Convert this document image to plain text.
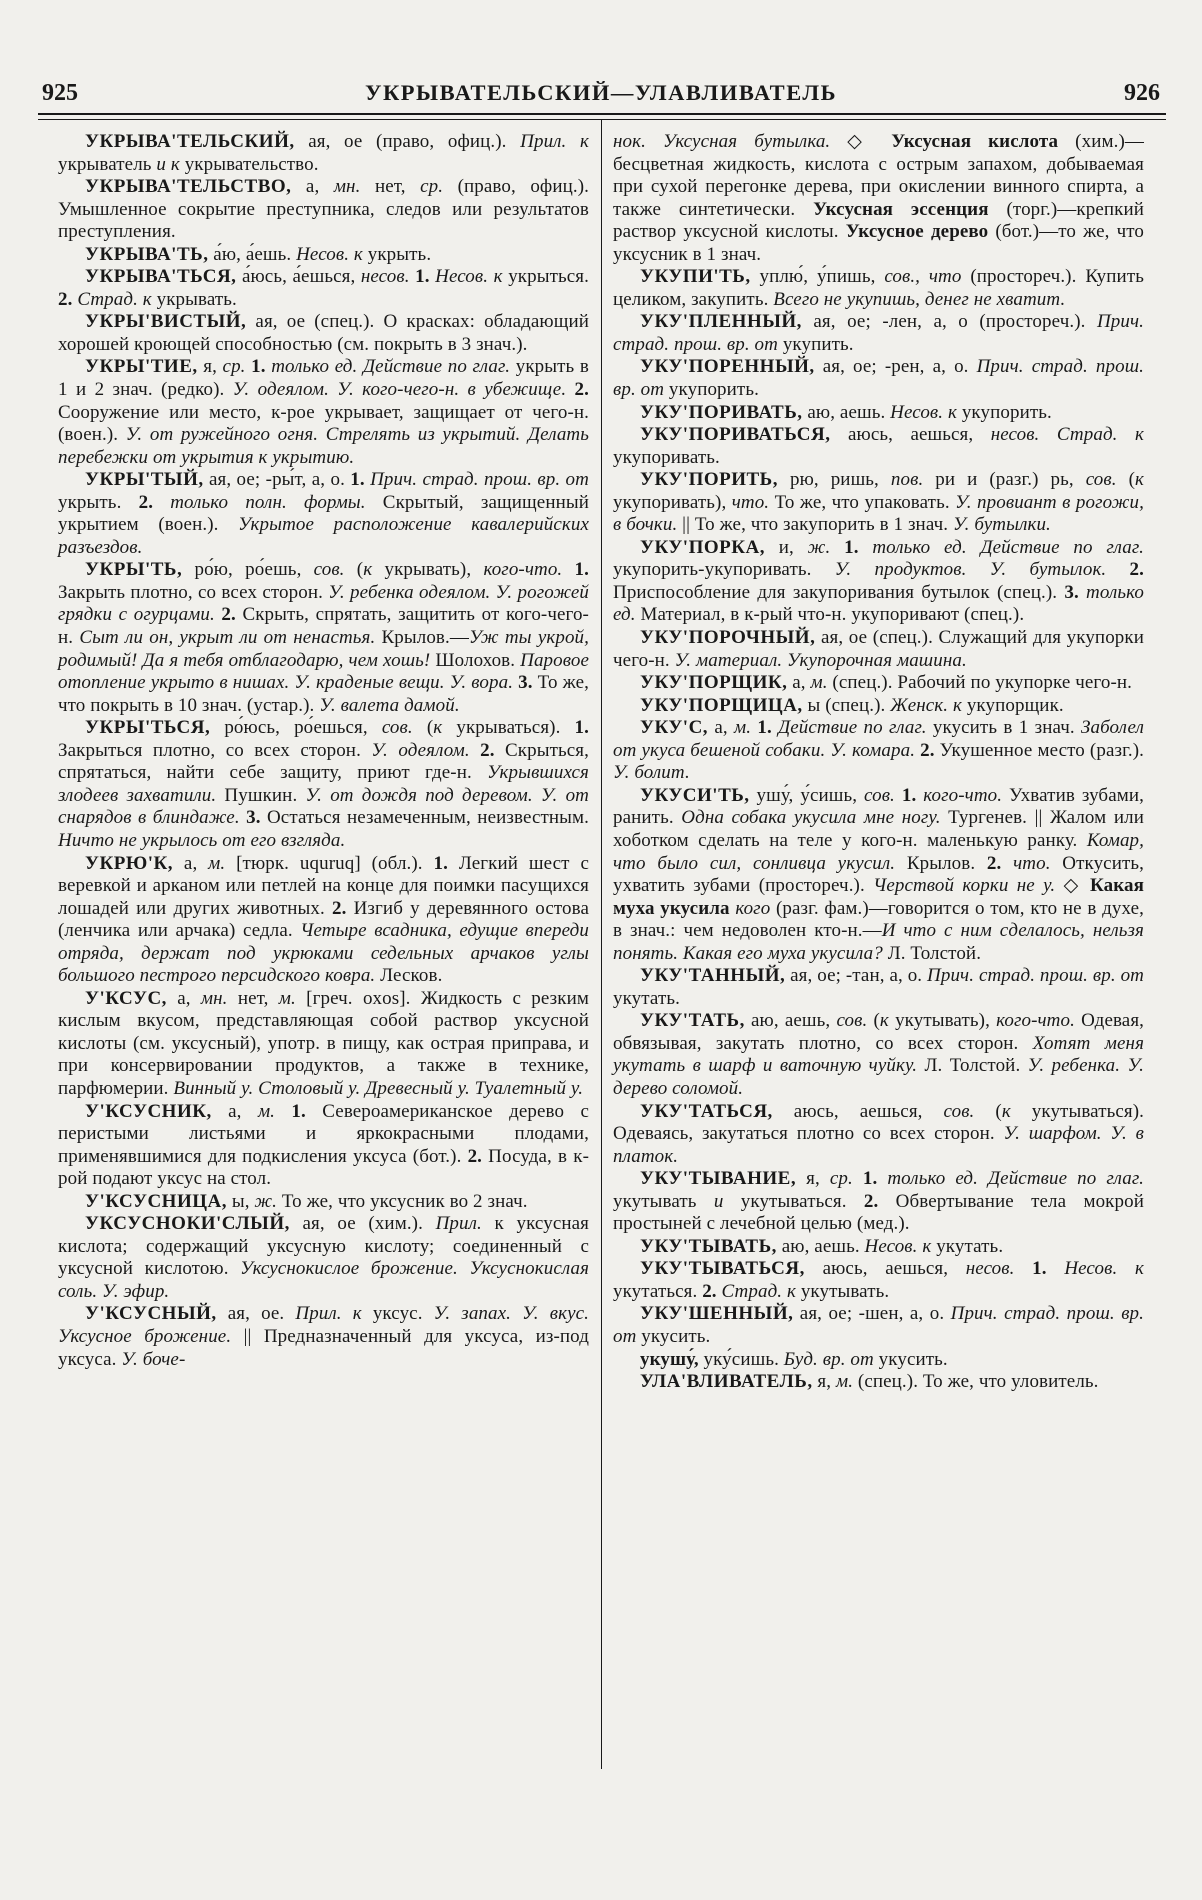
925	УКРЫВАТЕЛЬСКИЙ—УЛАВЛИВАТЕЛЬ	926

УКРЫВА'ТЕЛЬСКИЙ, ая, ое (право, офиц.). Прил. к укрыватель и к укрывательство.

УКРЫВА'ТЕЛЬСТВО, а, мн. нет, ср. (право, офиц.). Умышленное сокрытие преступника, следов или результатов преступления.

УКРЫВА'ТЬ, а́ю, а́ешь. Несов. к укрыть.

УКРЫВА'ТЬСЯ, а́юсь, а́ешься, несов. 1. Несов. к укрыться. 2. Страд. к укрывать.

УКРЫ'ВИСТЫЙ, ая, ое (спец.). О красках: обладающий хорошей кроющей способностью (см. покрыть в 3 знач.).

УКРЫ'ТИЕ, я, ср. 1. только ед. Действие по глаг. укрыть в 1 и 2 знач. (редко). У. одеялом. У. кого-чего-н. в убежище. 2. Сооружение или место, к-рое укрывает, защищает от чего-н. (воен.). У. от ружейного огня. Стрелять из укрытий. Делать перебежки от укрытия к укрытию.

УКРЫ'ТЫЙ, ая, ое; -ры́т, а, о. 1. Прич. страд. прош. вр. от укрыть. 2. только полн. формы. Скрытый, защищенный укрытием (воен.). Укрытое расположение кавалерийских разъездов.

УКРЫ'ТЬ, ро́ю, ро́ешь, сов. (к укрывать), кого-что. 1. Закрыть плотно, со всех сторон. У. ребенка одеялом. У. рогожей грядки с огурцами. 2. Скрыть, спрятать, защитить от кого-чего-н. Сыт ли он, укрыт ли от ненастья. Крылов.—Уж ты укрой, родимый! Да я тебя отблагодарю, чем хошь! Шолохов. Паровое отопление укрыто в нишах. У. краденые вещи. У. вора. 3. То же, что покрыть в 10 знач. (устар.). У. валета дамой.

УКРЫ'ТЬСЯ, ро́юсь, ро́ешься, сов. (к укрываться). 1. Закрыться плотно, со всех сторон. У. одеялом. 2. Скрыться, спрятаться, найти себе защиту, приют где-н. Укрывшихся злодеев захватили. Пушкин. У. от дождя под деревом. У. от снарядов в блиндаже. 3. Остаться незамеченным, неизвестным. Ничто не укрылось от его взгляда.

УКРЮ'К, а, м. [тюрк. uquruq] (обл.). 1. Легкий шест с веревкой и арканом или петлей на конце для поимки пасущихся лошадей или других животных. 2. Изгиб у деревянного остова (ленчика или арчака) седла. Четыре всадника, едущие впереди отряда, держат под укрюками седельных арчаков углы большого пестрого персидского ковра. Лесков.

У'КСУС, а, мн. нет, м. [греч. oxos]. Жидкость с резким кислым вкусом, представляющая собой раствор уксусной кислоты (см. уксусный), употр. в пищу, как острая приправа, и при консервировании продуктов, а также в технике, парфюмерии. Винный у. Столовый у. Древесный у. Туалетный у.

У'КСУСНИК, а, м. 1. Североамериканское дерево с перистыми листьями и яркокрасными плодами, применявшимися для подкисления уксуса (бот.). 2. Посуда, в к-рой подают уксус на стол.

У'КСУСНИЦА, ы, ж. То же, что уксусник во 2 знач.

УКСУСНОКИ'СЛЫЙ, ая, ое (хим.). Прил. к уксусная кислота; содержащий уксусную кислоту; соединенный с уксусной кислотою. Уксуснокислое брожение. Уксуснокислая соль. У. эфир.

У'КСУСНЫЙ, ая, ое. Прил. к уксус. У. запах. У. вкус. Уксусное брожение. || Предназначенный для уксуса, из-под уксуса. У. боче-

нок. Уксусная бутылка. ◇ Уксусная кислота (хим.)—бесцветная жидкость, кислота с острым запахом, добываемая при сухой перегонке дерева, при окислении винного спирта, а также синтетически. Уксусная эссенция (торг.)—крепкий раствор уксусной кислоты. Уксусное дерево (бот.)—то же, что уксусник в 1 знач.

УКУПИ'ТЬ, уплю́, у́пишь, сов., что (простореч.). Купить целиком, закупить. Всего не укупишь, денег не хватит.

УКУ'ПЛЕННЫЙ, ая, ое; -лен, а, о (простореч.). Прич. страд. прош. вр. от укупить.

УКУ'ПОРЕННЫЙ, ая, ое; -рен, а, о. Прич. страд. прош. вр. от укупорить.

УКУ'ПОРИВАТЬ, аю, аешь. Несов. к укупорить.

УКУ'ПОРИВАТЬСЯ, аюсь, аешься, несов. Страд. к укупоривать.

УКУ'ПОРИТЬ, рю, ришь, пов. ри и (разг.) рь, сов. (к укупоривать), что. То же, что упаковать. У. провиант в рогожи, в бочки. || То же, что закупорить в 1 знач. У. бутылки.

УКУ'ПОРКА, и, ж. 1. только ед. Действие по глаг. укупорить-укупоривать. У. продуктов. У. бутылок. 2. Приспособление для закупоривания бутылок (спец.). 3. только ед. Материал, в к-рый что-н. укупоривают (спец.).

УКУ'ПОРОЧНЫЙ, ая, ое (спец.). Служащий для укупорки чего-н. У. материал. Укупорочная машина.

УКУ'ПОРЩИК, а, м. (спец.). Рабочий по укупорке чего-н.

УКУ'ПОРЩИЦА, ы (спец.). Женск. к укупорщик.

УКУ'С, а, м. 1. Действие по глаг. укусить в 1 знач. Заболел от укуса бешеной собаки. У. комара. 2. Укушенное место (разг.). У. болит.

УКУСИ'ТЬ, ушу́, у́сишь, сов. 1. кого-что. Ухватив зубами, ранить. Одна собака укусила мне ногу. Тургенев. || Жалом или хоботком сделать на теле у кого-н. маленькую ранку. Комар, что было сил, сонливца укусил. Крылов. 2. что. Откусить, ухватить зубами (простореч.). Черствой корки не у. ◇ Какая муха укусила кого (разг. фам.)—говорится о том, кто не в духе, в знач.: чем недоволен кто-н.—И что с ним сделалось, нельзя понять. Какая его муха укусила? Л. Толстой.

УКУ'ТАННЫЙ, ая, ое; -тан, а, о. Прич. страд. прош. вр. от укутать.

УКУ'ТАТЬ, аю, аешь, сов. (к укутывать), кого-что. Одевая, обвязывая, закутать плотно, со всех сторон. Хотят меня укутать в шарф и ваточную чуйку. Л. Толстой. У. ребенка. У. дерево соломой.

УКУ'ТАТЬСЯ, аюсь, аешься, сов. (к укутываться). Одеваясь, закутаться плотно со всех сторон. У. шарфом. У. в платок.

УКУ'ТЫВАНИЕ, я, ср. 1. только ед. Действие по глаг. укутывать и укутываться. 2. Обвертывание тела мокрой простыней с лечебной целью (мед.).

УКУ'ТЫВАТЬ, аю, аешь. Несов. к укутать.

УКУ'ТЫВАТЬСЯ, аюсь, аешься, несов. 1. Несов. к укутаться. 2. Страд. к укутывать.

УКУ'ШЕННЫЙ, ая, ое; -шен, а, о. Прич. страд. прош. вр. от укусить.

укушу́, уку́сишь. Буд. вр. от укусить.

УЛА'ВЛИВАТЕЛЬ, я, м. (спец.). То же, что уловитель.
